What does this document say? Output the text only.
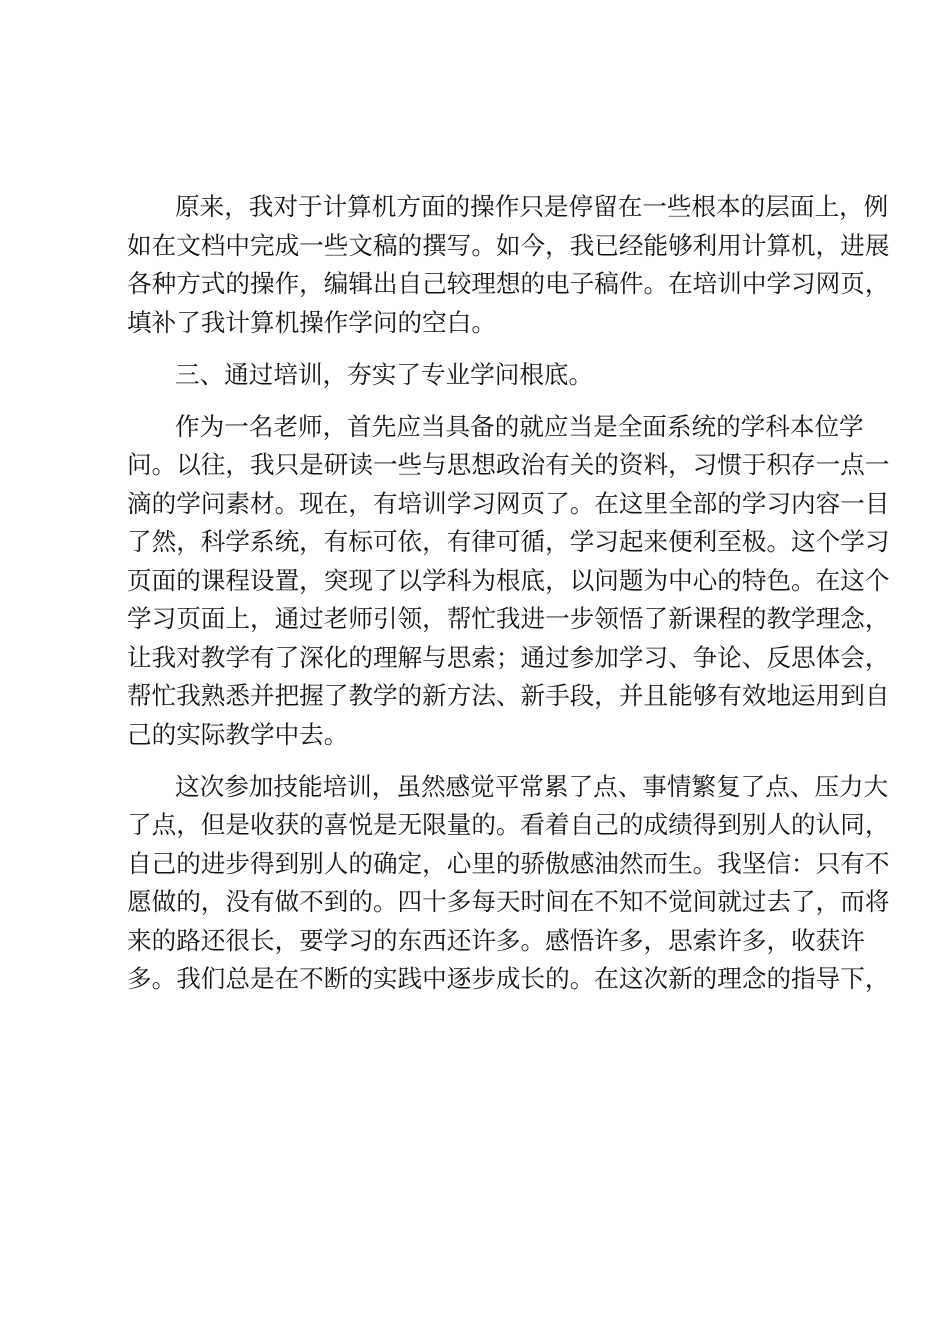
原来，我对于计算机方面的操作只是停留在一些根本的层面上，例
如在文档中完成一些文稿的撰写。如今，我已经能够利用计算机，进展
各种方式的操作，编辑出自己较理想的电子稿件。在培训中学习网页，
填补了我计算机操作学问的空白。
三、通过培训，夯实了专业学问根底。
作为一名老师，首先应当具备的就应当是全面系统的学科本位学
问。以往，我只是研读一些与思想政治有关的资料，习惯于积存一点一
滴的学问素材。现在，有培训学习网页了。在这里全部的学习内容一目
了然，科学系统，有标可依，有律可循，学习起来便利至极。这个学习
页面的课程设置，突现了以学科为根底，以问题为中心的特色。在这个
学习页面上，通过老师引领，帮忙我进一步领悟了新课程的教学理念，
让我对教学有了深化的理解与思索；通过参加学习、争论、反思体会，
帮忙我熟悉并把握了教学的新方法、新手段，并且能够有效地运用到自
己的实际教学中去。
这次参加技能培训，虽然感觉平常累了点、事情繁复了点、压力大
了点，但是收获的喜悦是无限量的。看着自己的成绩得到别人的认同，
自己的进步得到别人的确定，心里的骄傲感油然而生。我坚信：只有不
愿做的，没有做不到的。四十多每天时间在不知不觉间就过去了，而将
来的路还很长，要学习的东西还许多。感悟许多，思索许多，收获许
多。我们总是在不断的实践中逐步成长的。在这次新的理念的指导下，
